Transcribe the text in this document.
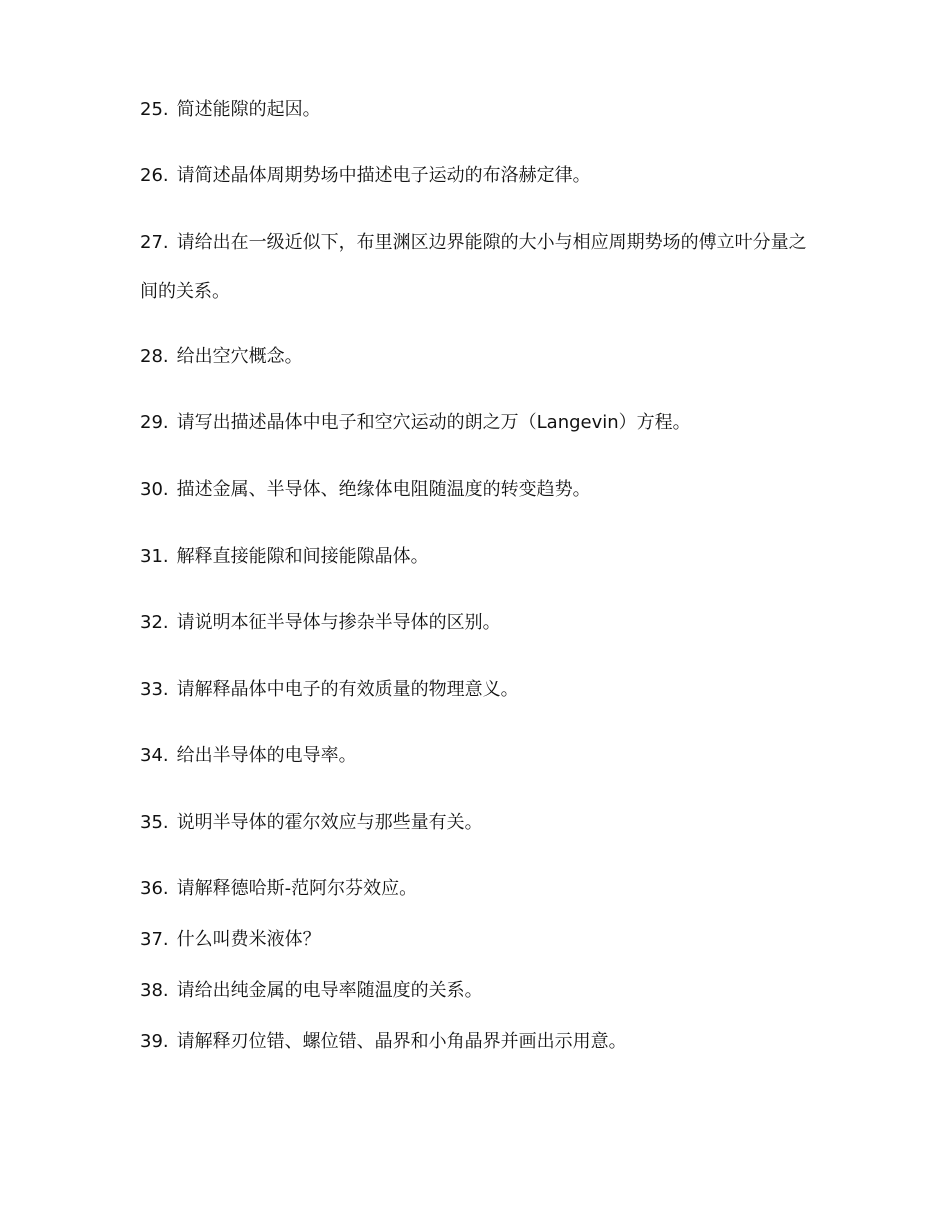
25. 简述能隙的起因。
26. 请简述晶体周期势场中描述电子运动的布洛赫定律。
27. 请给出在一级近似下，布里渊区边界能隙的大小与相应周期势场的傅立叶分量之间的关系。
28. 给出空穴概念。
29. 请写出描述晶体中电子和空穴运动的朗之万（Langevin）方程。
30. 描述金属、半导体、绝缘体电阻随温度的转变趋势。
31. 解释直接能隙和间接能隙晶体。
32. 请说明本征半导体与掺杂半导体的区别。
33. 请解释晶体中电子的有效质量的物理意义。
34. 给出半导体的电导率。
35. 说明半导体的霍尔效应与那些量有关。
36. 请解释德哈斯-范阿尔芬效应。
37. 什么叫费米液体？
38. 请给出纯金属的电导率随温度的关系。
39. 请解释刃位错、螺位错、晶界和小角晶界并画出示用意。
